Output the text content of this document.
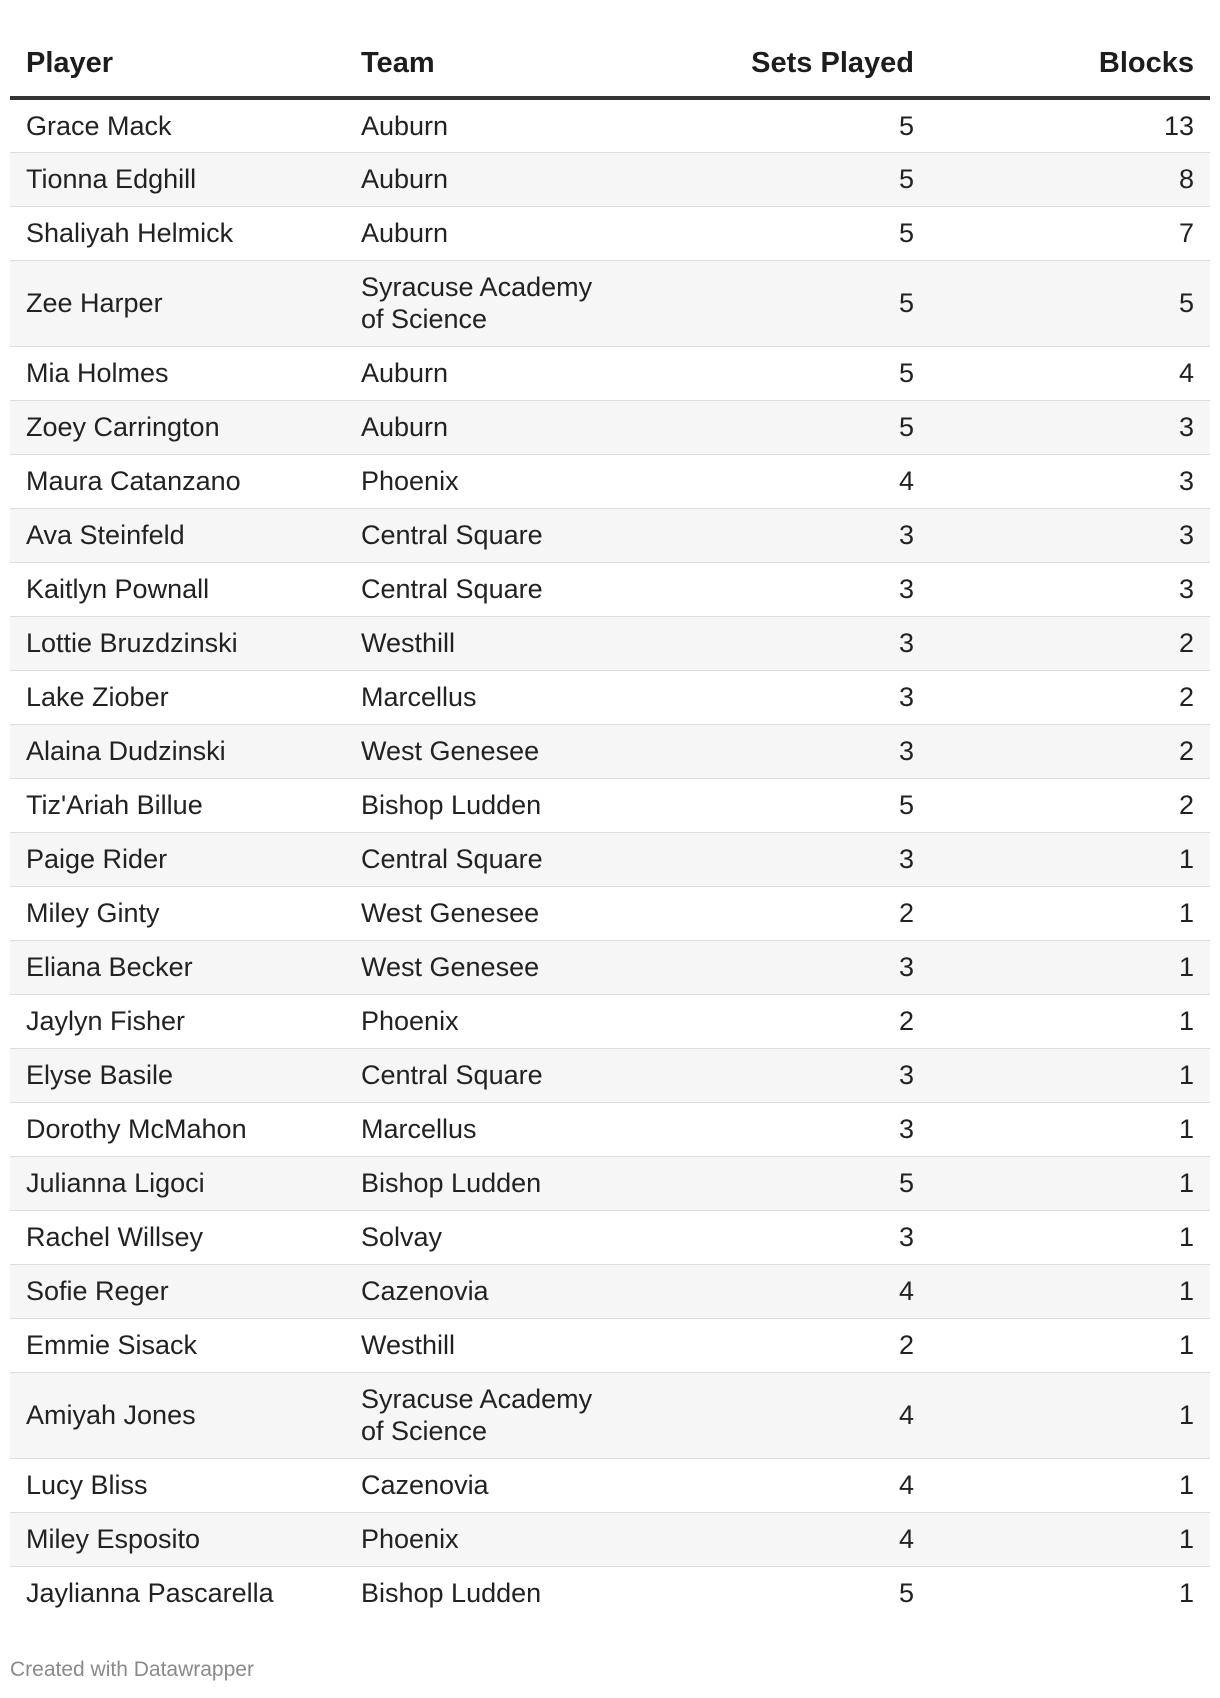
Player	Team	Sets Played	Blocks
Grace Mack	Auburn	5	13
Tionna Edghill	Auburn	5	8
Shaliyah Helmick	Auburn	5	7
Zee Harper	Syracuse Academy of Science	5	5
Mia Holmes	Auburn	5	4
Zoey Carrington	Auburn	5	3
Maura Catanzano	Phoenix	4	3
Ava Steinfeld	Central Square	3	3
Kaitlyn Pownall	Central Square	3	3
Lottie Bruzdzinski	Westhill	3	2
Lake Ziober	Marcellus	3	2
Alaina Dudzinski	West Genesee	3	2
Tiz'Ariah Billue	Bishop Ludden	5	2
Paige Rider	Central Square	3	1
Miley Ginty	West Genesee	2	1
Eliana Becker	West Genesee	3	1
Jaylyn Fisher	Phoenix	2	1
Elyse Basile	Central Square	3	1
Dorothy McMahon	Marcellus	3	1
Julianna Ligoci	Bishop Ludden	5	1
Rachel Willsey	Solvay	3	1
Sofie Reger	Cazenovia	4	1
Emmie Sisack	Westhill	2	1
Amiyah Jones	Syracuse Academy of Science	4	1
Lucy Bliss	Cazenovia	4	1
Miley Esposito	Phoenix	4	1
Jaylianna Pascarella	Bishop Ludden	5	1
Created with Datawrapper
